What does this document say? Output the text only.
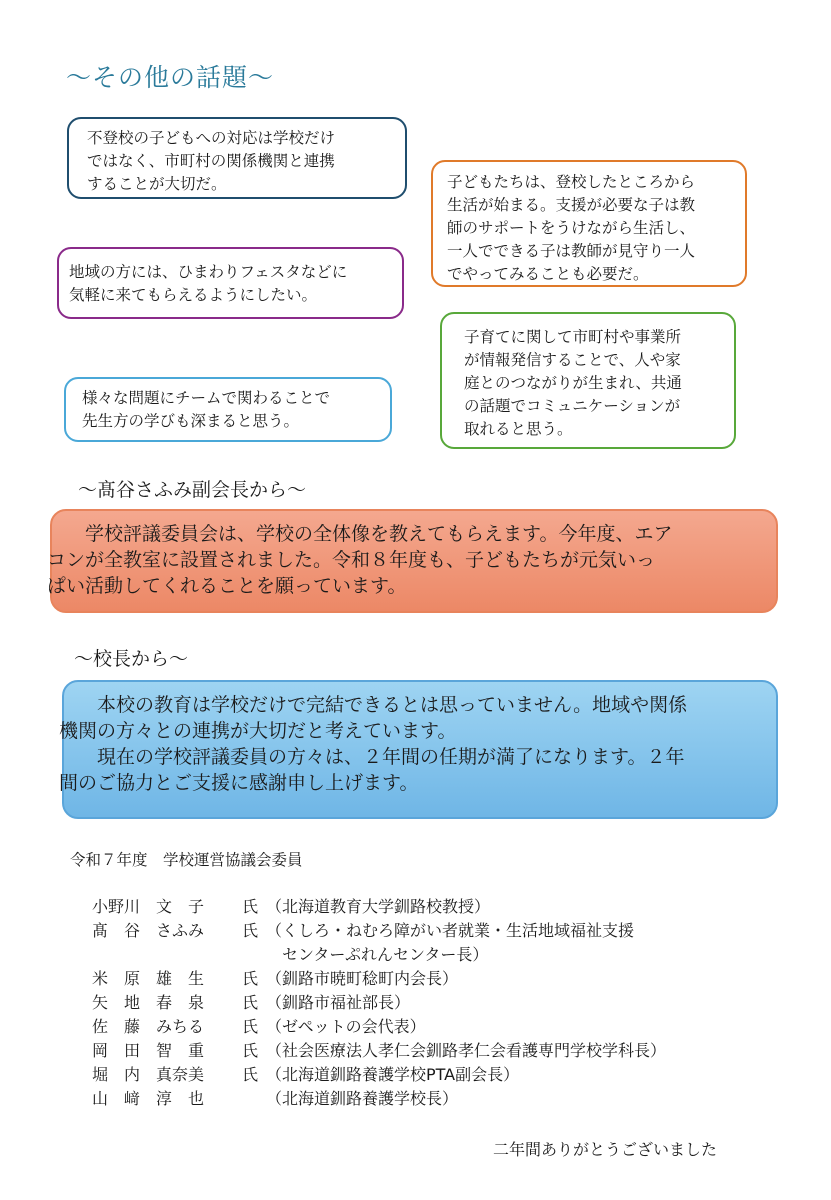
～その他の話題～
不登校の子どもへの対応は学校だけ
ではなく、市町村の関係機関と連携
することが大切だ。	子どもたちは、登校したところから
生活が始まる。支援が必要な子は教
師のサポートをうけながら生活し、
一人でできる子は教師が見守り一人
でやってみることも必要だ。
地域の方には、ひまわりフェスタなどに
気軽に来てもらえるようにしたい。
子育てに関して市町村や事業所
が情報発信することで、人や家
庭とのつながりが生まれ、共通
の話題でコミュニケーションが
取れると思う。
様々な問題にチームで関わることで
先生方の学びも深まると思う。
～髙谷さふみ副会長から～

学校評議委員会は、学校の全体像を教えてもらえます。今年度、エア
コンが全教室に設置されました。令和８年度も、子どもたちが元気いっ
ぱい活動してくれることを願っています。

～校長から～

本校の教育は学校だけで完結できるとは思っていません。地域や関係
機関の方々との連携が大切だと考えています。

現在の学校評議委員の方々は、２年間の任期が満了になります。２年
間のご協力とご支援に感謝申し上げます。

令和７年度　学校運営協議会委員
小野川　文　子	氏 （北海道教育大学釧路校教授）
髙　谷　さふみ	氏 （くしろ・ねむろ障がい者就業・生活地域福祉支援
センターぷれんセンター長）
米　原　雄　生	氏 （釧路市暁町稔町内会長）
矢　地　春　泉	氏 （釧路市福祉部長）
佐　藤　みちる	氏 （ゼペットの会代表）
岡　田　智　重	氏 （社会医療法人孝仁会釧路孝仁会看護専門学校学科長）
堀　内　真奈美	氏 （北海道釧路養護学校PTA副会長）
山　﨑　淳　也	（北海道釧路養護学校長）
二年間ありがとうございました
